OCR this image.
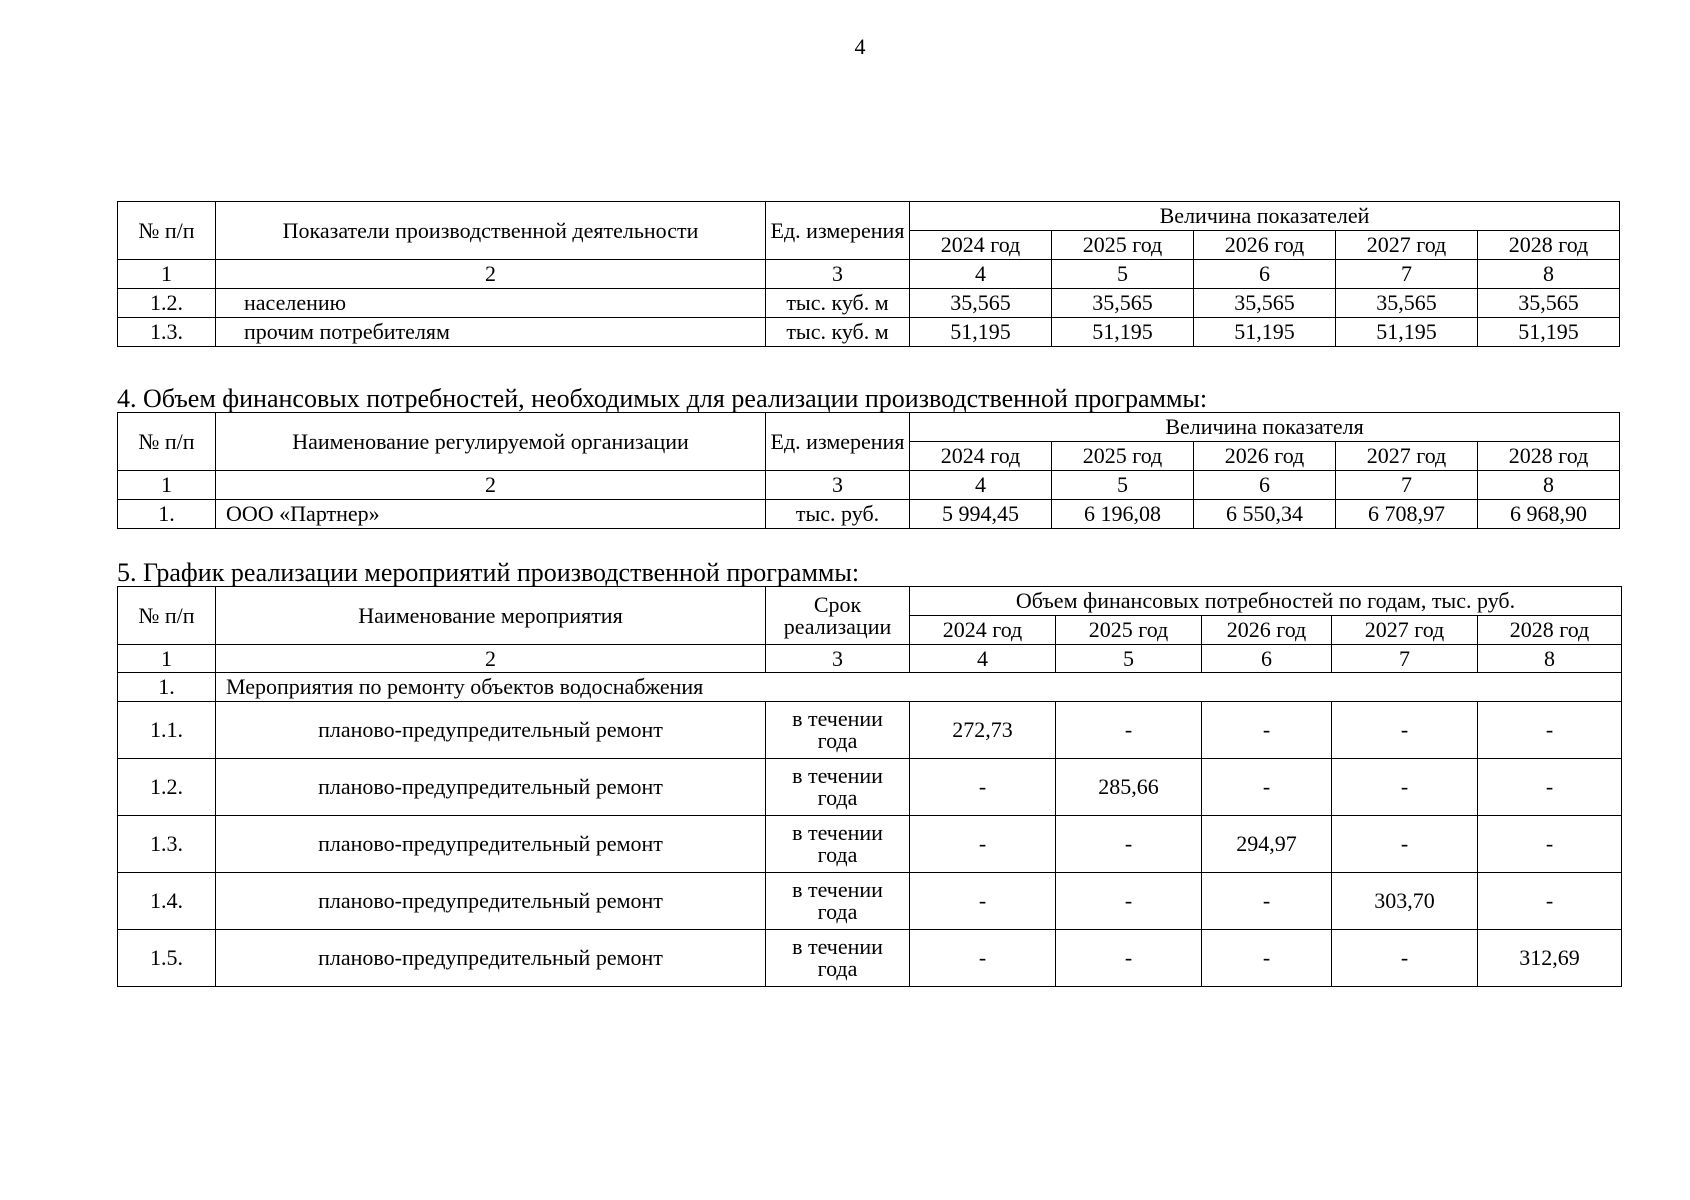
4
№ п/п	Показатели производственной деятельности	Ед. измерения	Величина показателей				
			2024 год	2025 год	2026 год	2027 год	2028 год
1	2	3	4	5	6	7	8
1.2.	населению	тыс. куб. м	35,565	35,565	35,565	35,565	35,565
1.3.	прочим потребителям	тыс. куб. м	51,195	51,195	51,195	51,195	51,195
4. Объем финансовых потребностей, необходимых для реализации производственной программы:
№ п/п	Наименование регулируемой организации	Ед. измерения	Величина показателя				
			2024 год	2025 год	2026 год	2027 год	2028 год
1	2	3	4	5	6	7	8
1.	ООО «Партнер»	тыс. руб.	5 994,45	6 196,08	6 550,34	6 708,97	6 968,90
5. График реализации мероприятий производственной программы:
№ п/п	Наименование мероприятия	Срок реализации	Объем финансовых потребностей по годам, тыс. руб.				
			2024 год	2025 год	2026 год	2027 год	2028 год
1	2	3	4	5	6	7	8
1.	Мероприятия по ремонту объектов водоснабжения						
1.1.	планово-предупредительный ремонт	в течении года	272,73	-	-	-	-
1.2.	планово-предупредительный ремонт	в течении года	-	285,66	-	-	-
1.3.	планово-предупредительный ремонт	в течении года	-	-	294,97	-	-
1.4.	планово-предупредительный ремонт	в течении года	-	-	-	303,70	-
1.5.	планово-предупредительный ремонт	в течении года	-	-	-	-	312,69
